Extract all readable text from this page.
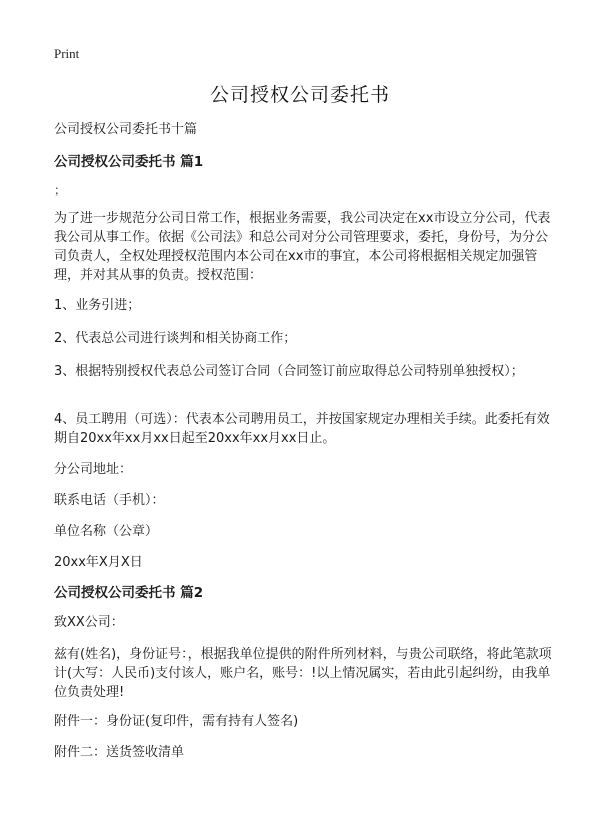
Print
公司授权公司委托书
公司授权公司委托书十篇
公司授权公司委托书 篇1
；
为了进一步规范分公司日常工作，根据业务需要，我公司决定在xx市设立分公司，代表我公司从事工作。依据《公司法》和总公司对分公司管理要求，委托，身份号，为分公司负责人，全权处理授权范围内本公司在xx市的事宜，本公司将根据相关规定加强管理，并对其从事的负责。授权范围：
1、业务引进；
2、代表总公司进行谈判和相关协商工作；
3、根据特别授权代表总公司签订合同（合同签订前应取得总公司特别单独授权）；
4、员工聘用（可选）：代表本公司聘用员工，并按国家规定办理相关手续。此委托有效期自20xx年xx月xx日起至20xx年xx月xx日止。
分公司地址：
联系电话（手机）：
单位名称（公章）
20xx年X月X日
公司授权公司委托书 篇2
致XX公司：
兹有(姓名)，身份证号：，根据我单位提供的附件所列材料，与贵公司联络，将此笔款项计(大写：人民币)支付该人，账户名，账号：!以上情况属实，若由此引起纠纷，由我单位负责处理!
附件一：身份证(复印件，需有持有人签名)
附件二：送货签收清单
